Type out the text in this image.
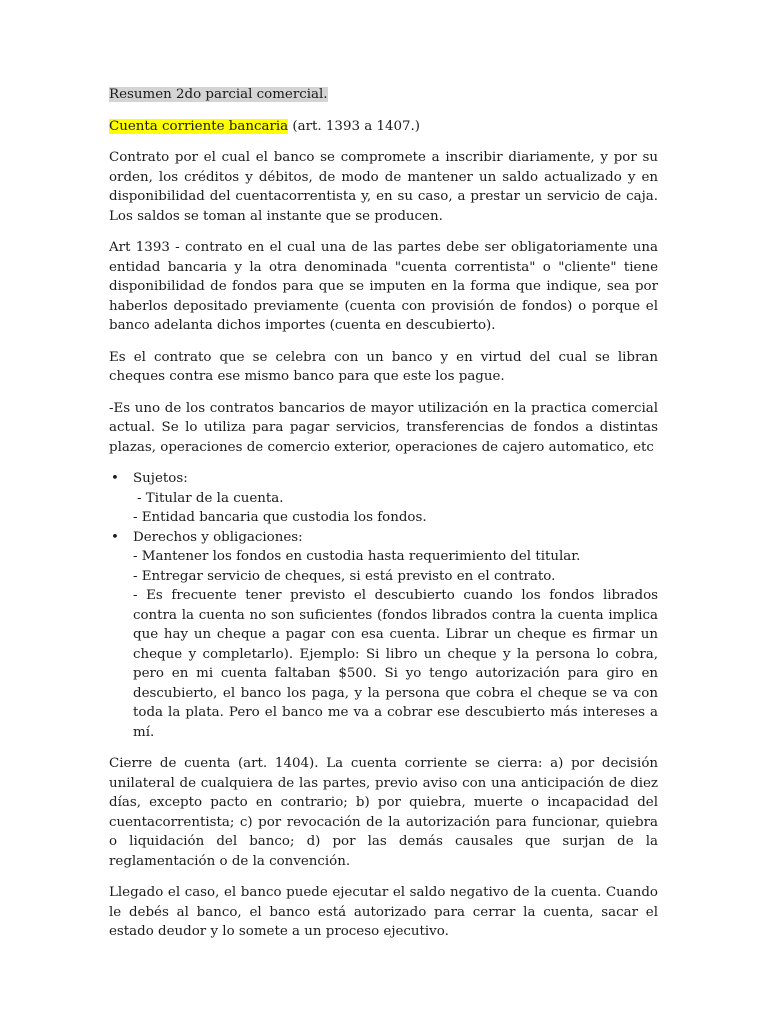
Resumen 2do parcial comercial.

Cuenta corriente bancaria (art. 1393 a 1407.)

Contrato por el cual el banco se compromete a inscribir diariamente, y por su orden, los créditos y débitos, de modo de mantener un saldo actualizado y en disponibilidad del cuentacorrentista y, en su caso, a prestar un servicio de caja. Los saldos se toman al instante que se producen.

Art 1393 - contrato en el cual una de las partes debe ser obligatoriamente una entidad bancaria y la otra denominada "cuenta correntista" o "cliente" tiene disponibilidad de fondos para que se imputen en la forma que indique, sea por haberlos depositado previamente (cuenta con provisión de fondos) o porque el banco adelanta dichos importes (cuenta en descubierto).

Es el contrato que se celebra con un banco y en virtud del cual se libran cheques contra ese mismo banco para que este los pague.

-Es uno de los contratos bancarios de mayor utilización en la practica comercial actual. Se lo utiliza para pagar servicios, transferencias de fondos a distintas plazas, operaciones de comercio exterior, operaciones de cajero automatico, etc

• Sujetos:
- Titular de la cuenta.
- Entidad bancaria que custodia los fondos.
• Derechos y obligaciones:
- Mantener los fondos en custodia hasta requerimiento del titular.
- Entregar servicio de cheques, si está previsto en el contrato.
- Es frecuente tener previsto el descubierto cuando los fondos librados contra la cuenta no son suficientes (fondos librados contra la cuenta implica que hay un cheque a pagar con esa cuenta. Librar un cheque es firmar un cheque y completarlo). Ejemplo: Si libro un cheque y la persona lo cobra, pero en mi cuenta faltaban $500. Si yo tengo autorización para giro en descubierto, el banco los paga, y la persona que cobra el cheque se va con toda la plata. Pero el banco me va a cobrar ese descubierto más intereses a mí.

Cierre de cuenta (art. 1404). La cuenta corriente se cierra: a) por decisión unilateral de cualquiera de las partes, previo aviso con una anticipación de diez días, excepto pacto en contrario; b) por quiebra, muerte o incapacidad del cuentacorrentista; c) por revocación de la autorización para funcionar, quiebra o liquidación del banco; d) por las demás causales que surjan de la reglamentación o de la convención.

Llegado el caso, el banco puede ejecutar el saldo negativo de la cuenta. Cuando le debés al banco, el banco está autorizado para cerrar la cuenta, sacar el estado deudor y lo somete a un proceso ejecutivo.
